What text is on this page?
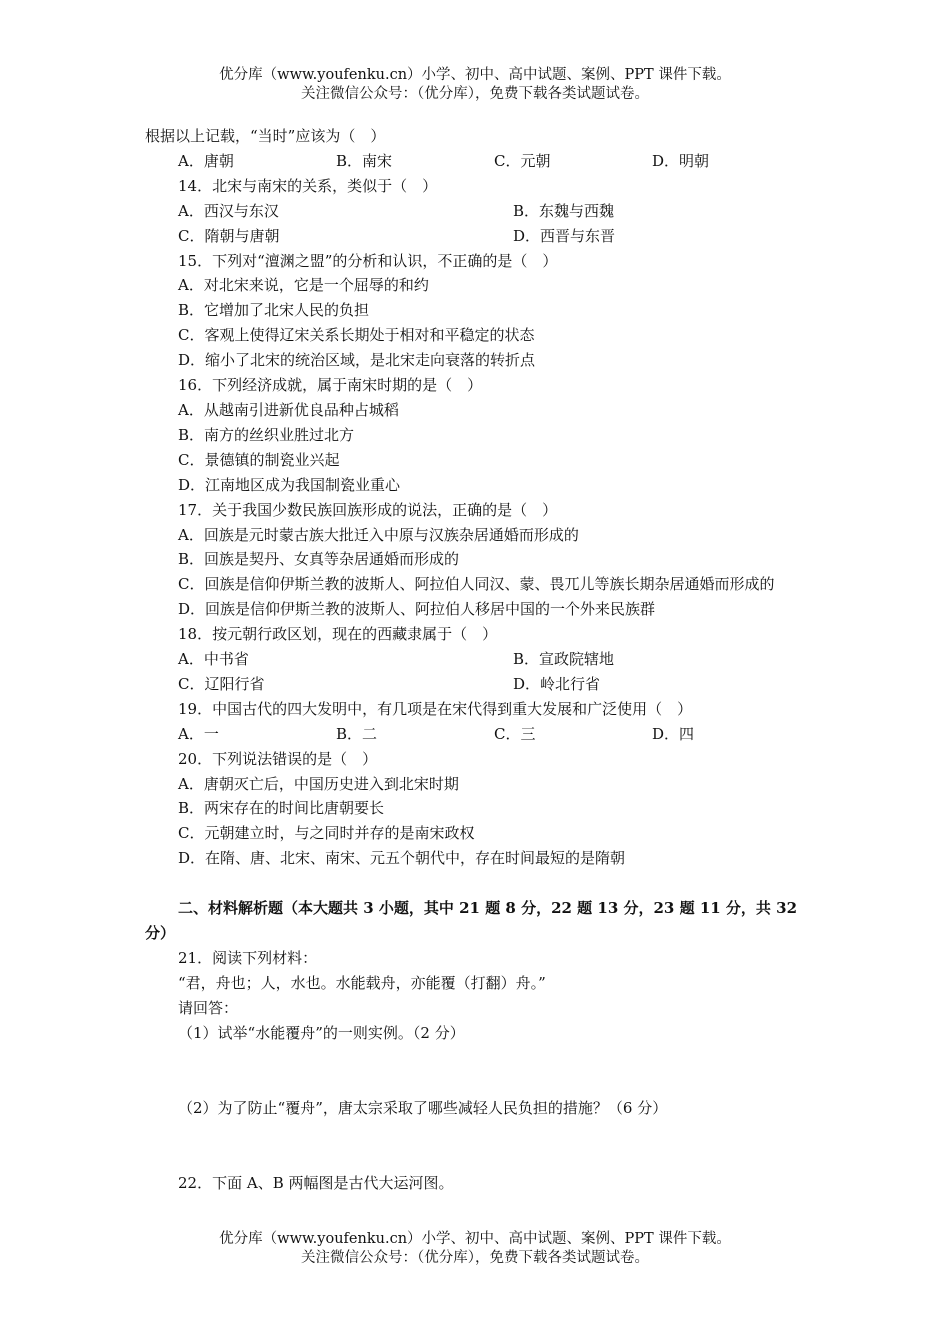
优分库（www.youfenku.cn）小学、初中、高中试题、案例、PPT 课件下载。
关注微信公众号：（优分库），免费下载各类试题试卷。
根据以上记载，“当时”应该为（　）
A．唐朝	B．南宋	C．元朝	D．明朝
14．北宋与南宋的关系，类似于（　）
A．西汉与东汉	B．东魏与西魏
C．隋朝与唐朝	D．西晋与东晋
15．下列对“澶渊之盟”的分析和认识，不正确的是（　）
A．对北宋来说，它是一个屈辱的和约
B．它增加了北宋人民的负担
C．客观上使得辽宋关系长期处于相对和平稳定的状态
D．缩小了北宋的统治区域，是北宋走向衰落的转折点
16．下列经济成就，属于南宋时期的是（　）
A．从越南引进新优良品种占城稻
B．南方的丝织业胜过北方
C．景德镇的制瓷业兴起
D．江南地区成为我国制瓷业重心
17．关于我国少数民族回族形成的说法，正确的是（　）
A．回族是元时蒙古族大批迁入中原与汉族杂居通婚而形成的
B．回族是契丹、女真等杂居通婚而形成的
C．回族是信仰伊斯兰教的波斯人、阿拉伯人同汉、蒙、畏兀儿等族长期杂居通婚而形成的
D．回族是信仰伊斯兰教的波斯人、阿拉伯人移居中国的一个外来民族群
18．按元朝行政区划，现在的西藏隶属于（　）
A．中书省	B．宣政院辖地
C．辽阳行省	D．岭北行省
19．中国古代的四大发明中，有几项是在宋代得到重大发展和广泛使用（　）
A．一	B．二	C．三	D．四
20．下列说法错误的是（　）
A．唐朝灭亡后，中国历史进入到北宋时期
B．两宋存在的时间比唐朝要长
C．元朝建立时，与之同时并存的是南宋政权
D．在隋、唐、北宋、南宋、元五个朝代中，存在时间最短的是隋朝
二、材料解析题（本大题共 3 小题，其中 21 题 8 分，22 题 13 分，23 题 11 分，共 32 分）
21．阅读下列材料：
“君，舟也；人，水也。水能载舟，亦能覆（打翻）舟。”
请回答：
（1）试举“水能覆舟”的一则实例。（2 分）
（2）为了防止“覆舟”，唐太宗采取了哪些减轻人民负担的措施？（6 分）
22．下面 A、B 两幅图是古代大运河图。
优分库（www.youfenku.cn）小学、初中、高中试题、案例、PPT 课件下载。
关注微信公众号：（优分库），免费下载各类试题试卷。
